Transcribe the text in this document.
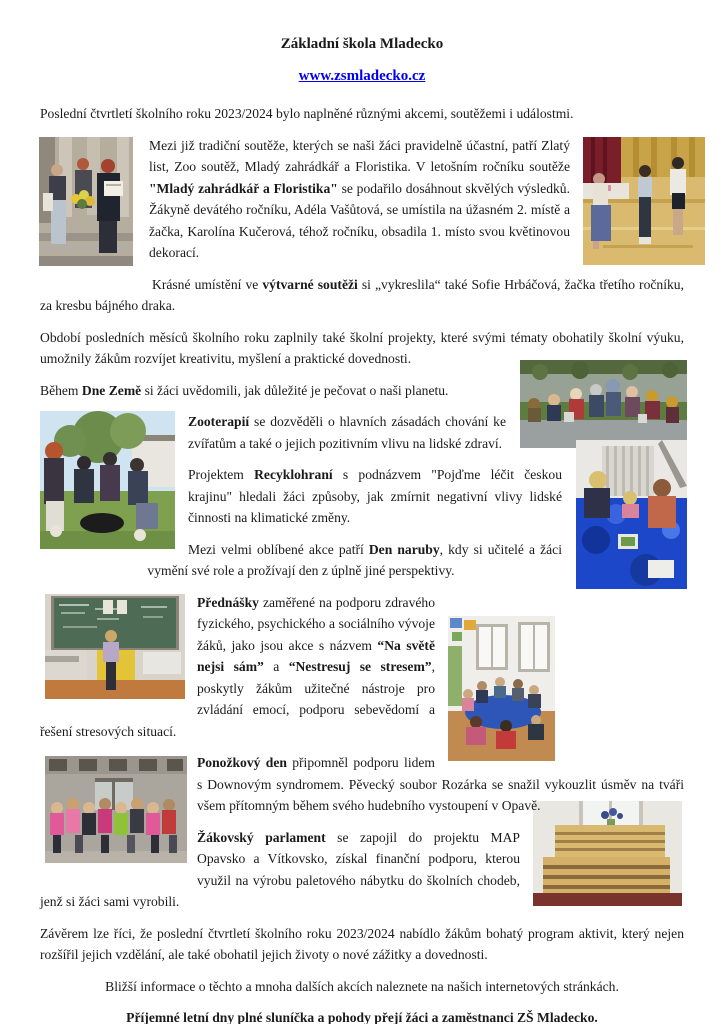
Základní škola Mladecko
www.zsmladecko.cz

Poslední čtvrtletí školního roku 2023/2024 bylo naplněné různými akcemi, soutěžemi i událostmi.

Mezi již tradiční soutěže, kterých se naši žáci pravidelně účastní, patří Zlatý list, Zoo soutěž, Mladý zahrádkář a Floristika. V letošním ročníku soutěže "Mladý zahrádkář a Floristika" se podařilo dosáhnout skvělých výsledků. Žákyně devátého ročníku, Adéla Vašůtová, se umístila na úžasném 2. místě a žačka, Karolína Kučerová, téhož ročníku, obsadila 1. místo svou květinovou dekorací.

Krásné umístění ve výtvarné soutěži si „vykreslila“ také Sofie Hrbáčová, žačka třetího ročníku, za kresbu bájného draka.

Období posledních měsíců školního roku zaplnily také školní projekty, které svými tématy obohatily školní výuku, umožnily žákům rozvíjet kreativitu, myšlení a praktické dovednosti.

Během Dne Země si žáci uvědomili, jak důležité je pečovat o naši planetu.

Zooterapií se dozvěděli o hlavních zásadách chování ke zvířatům a také o jejich pozitivním vlivu na lidské zdraví.

Projektem Recyklohraní s podnázvem "Pojďme léčit českou krajinu" hledali žáci způsoby, jak zmírnit negativní vlivy lidské činnosti na klimatické změny.

Mezi velmi oblíbené akce patří Den naruby, kdy si učitelé a žáci vymění své role a prožívají den z úplně jiné perspektivy.

Přednášky zaměřené na podporu zdravého fyzického, psychického a sociálního vývoje žáků, jako jsou akce s názvem “Na světě nejsi sám” a “Nestresuj se stresem”, poskytly žákům užitečné nástroje pro zvládání emocí, podporu sebevědomí a řešení stresových situací.

Ponožkový den připomněl podporu lidem s Downovým syndromem. Pěvecký soubor Rozárka se snažil vykouzlit úsměv na tváři všem přítomným během svého hudebního vystoupení v Opavě.

Žákovský parlament se zapojil do projektu MAP Opavsko a Vítkovsko, získal finanční podporu, kterou využil na výrobu paletového nábytku do školních chodeb, jenž si žáci sami vyrobili.

Závěrem lze říci, že poslední čtvrtletí školního roku 2023/2024 nabídlo žákům bohatý program aktivit, který nejen rozšířil jejich vzdělání, ale také obohatil jejich životy o nové zážitky a dovednosti.

Bližší informace o těchto a mnoha dalších akcích naleznete na našich internetových stránkách.

Příjemné letní dny plné sluníčka a pohody přejí žáci a zaměstnanci ZŠ Mladecko.
